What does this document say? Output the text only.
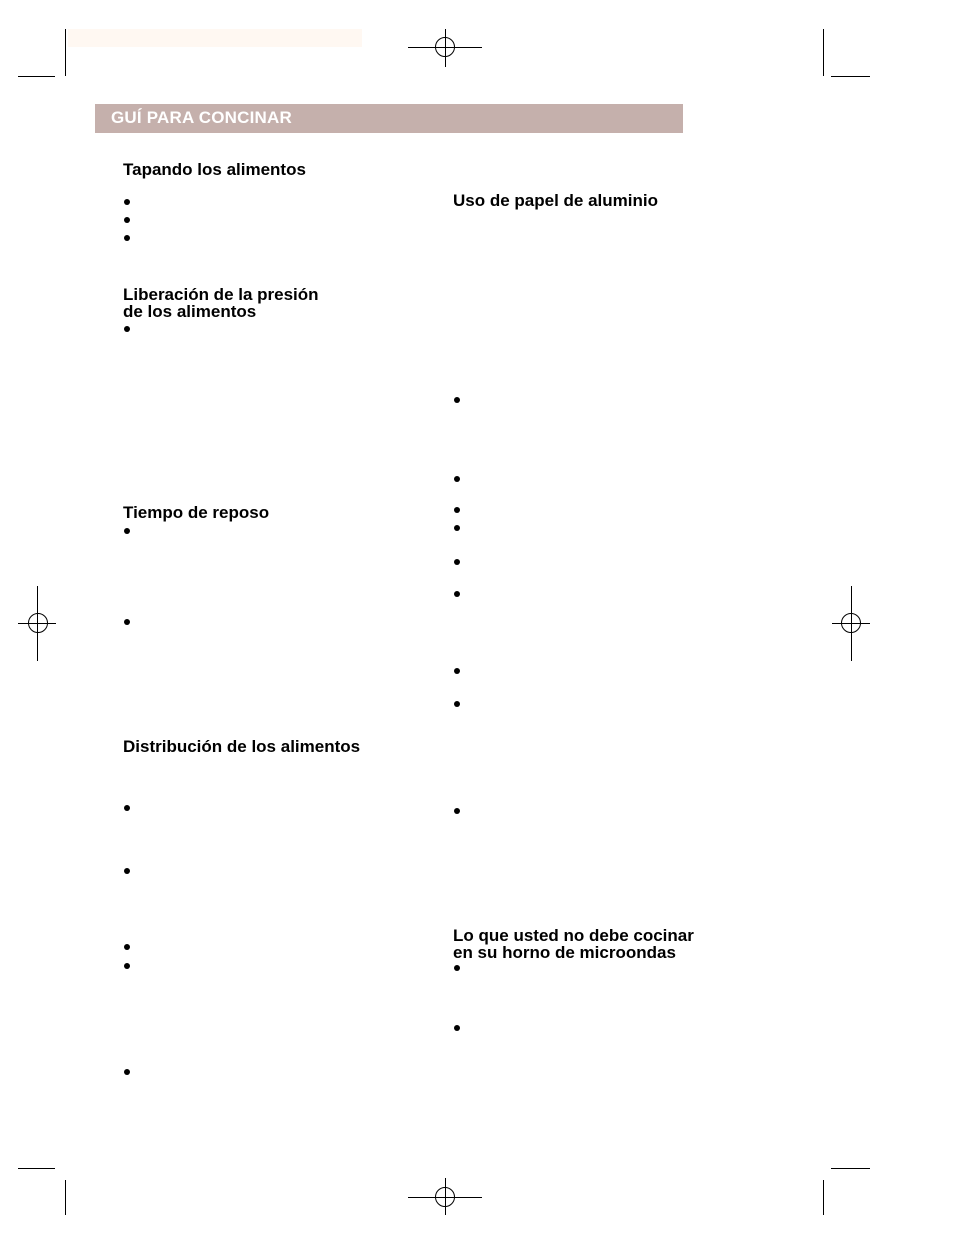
GUÍ PARA CONCINAR
Tapando los alimentos
Liberación de la presión
de los alimentos
Tiempo de reposo
Distribución de los alimentos
Uso de papel de aluminio
Lo que usted no debe cocinar
en su horno de microondas
